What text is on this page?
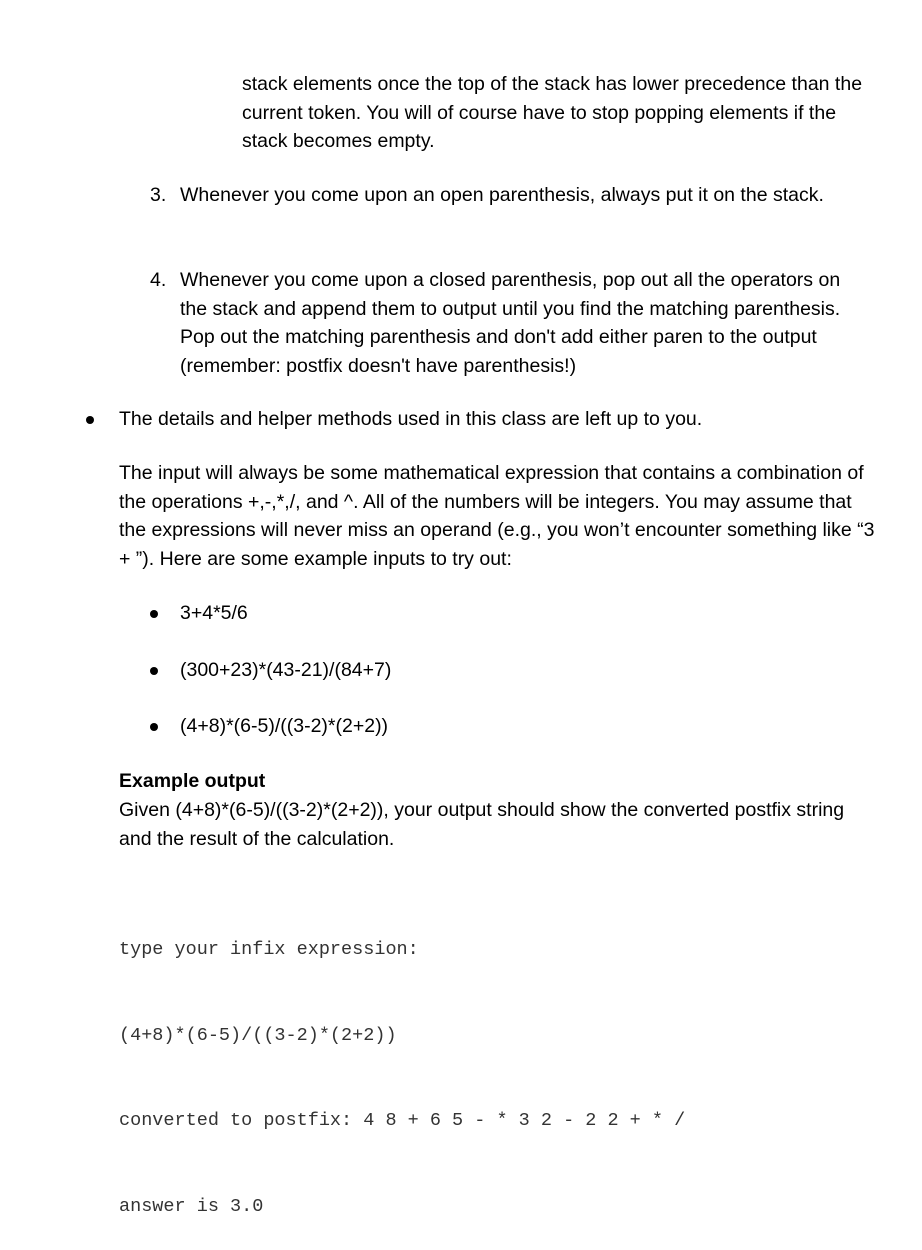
stack elements once the top of the stack has lower precedence than the current token. You will of course have to stop popping elements if the stack becomes empty.

3. Whenever you come upon an open parenthesis, always put it on the stack.
4. Whenever you come upon a closed parenthesis, pop out all the operators on the stack and append them to output until you find the matching parenthesis. Pop out the matching parenthesis and don't add either paren to the output (remember: postfix doesn't have parenthesis!)
The details and helper methods used in this class are left up to you.

The input will always be some mathematical expression that contains a combination of the operations +,-,*,/, and ^. All of the numbers will be integers. You may assume that the expressions will never miss an operand (e.g., you won’t encounter something like “3 + ”). Here are some example inputs to try out:

3+4*5/6
(300+23)*(43-21)/(84+7)
(4+8)*(6-5)/((3-2)*(2+2))

Example output

Given (4+8)*(6-5)/((3-2)*(2+2)), your output should show the converted postfix string and the result of the calculation.

type your infix expression:

(4+8)*(6-5)/((3-2)*(2+2))

converted to postfix: 4 8 + 6 5 - * 3 2 - 2 2 + * /

answer is 3.0
